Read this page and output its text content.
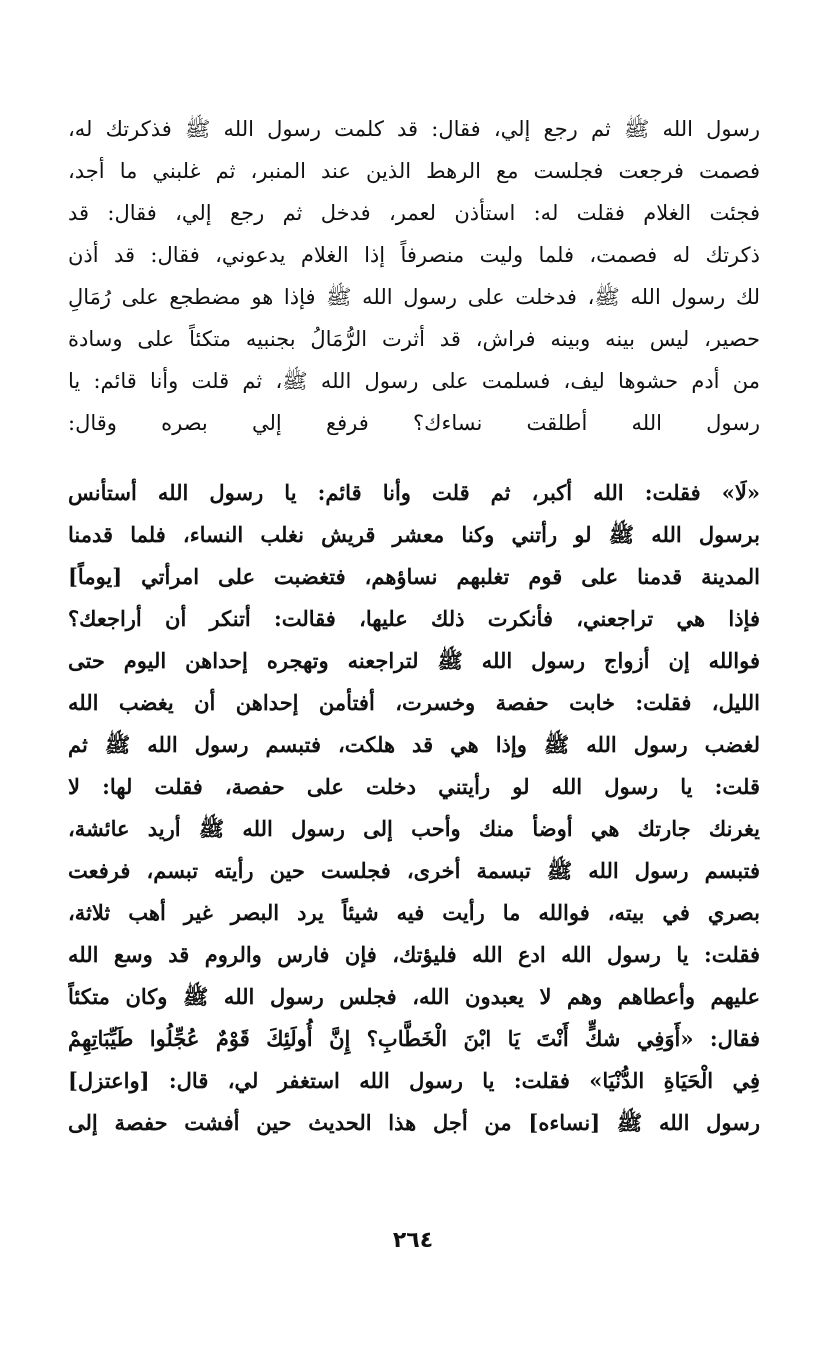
رسول الله ﷺ ثم رجع إلي، فقال: قد كلمت رسول الله ﷺ فذكرتك له،
فصمت فرجعت فجلست مع الرهط الذين عند المنبر، ثم غلبني ما أجد،
فجئت الغلام فقلت له: استأذن لعمر، فدخل ثم رجع إلي، فقال: قد
ذكرتك له فصمت، فلما وليت منصرفاً إذا الغلام يدعوني، فقال: قد أذن
لك رسول الله ﷺ، فدخلت على رسول الله ﷺ فإذا هو مضطجع على رُمَالِ
حصير، ليس بينه وبينه فراش، قد أثرت الرُّمَالُ بجنبيه متكئاً على وسادة
من أدم حشوها ليف، فسلمت على رسول الله ﷺ، ثم قلت وأنا قائم: يا
رسول الله أطلقت نساءك؟ فرفع إلي بصره وقال:
«لَا» فقلت: الله أكبر، ثم قلت وأنا قائم: يا رسول الله أستأنس
برسول الله ﷺ لو رأتني وكنا معشر قريش نغلب النساء، فلما قدمنا
المدينة قدمنا على قوم تغلبهم نساؤهم، فتغضبت على امرأتي [يوماً]
فإذا هي تراجعني، فأنكرت ذلك عليها، فقالت: أتنكر أن أراجعك؟
فوالله إن أزواج رسول الله ﷺ لتراجعنه وتهجره إحداهن اليوم حتى
الليل، فقلت: خابت حفصة وخسرت، أفتأمن إحداهن أن يغضب الله
لغضب رسول الله ﷺ وإذا هي قد هلكت، فتبسم رسول الله ﷺ ثم
قلت: يا رسول الله لو رأيتني دخلت على حفصة، فقلت لها: لا
يغرنك جارتك هي أوضأ منك وأحب إلى رسول الله ﷺ أريد عائشة،
فتبسم رسول الله ﷺ تبسمة أخرى، فجلست حين رأيته تبسم، فرفعت
بصري في بيته، فوالله ما رأيت فيه شيئاً يرد البصر غير أهب ثلاثة،
فقلت: يا رسول الله ادع الله فليؤتك، فإن فارس والروم قد وسع الله
عليهم وأعطاهم وهم لا يعبدون الله، فجلس رسول الله ﷺ وكان متكئاً
فقال: «أَوَفِي شكٍّ أَنْتَ يَا ابْنَ الْخَطَّابِ؟ إِنَّ أُولَئِكَ قَوْمٌ عُجِّلُوا طَيِّبَاتِهِمْ
فِي الْحَيَاةِ الدُّنْيَا» فقلت: يا رسول الله استغفر لي، قال: [واعتزل]
رسول الله ﷺ [نساءه] من أجل هذا الحديث حين أفشت حفصة إلى
٢٦٤
